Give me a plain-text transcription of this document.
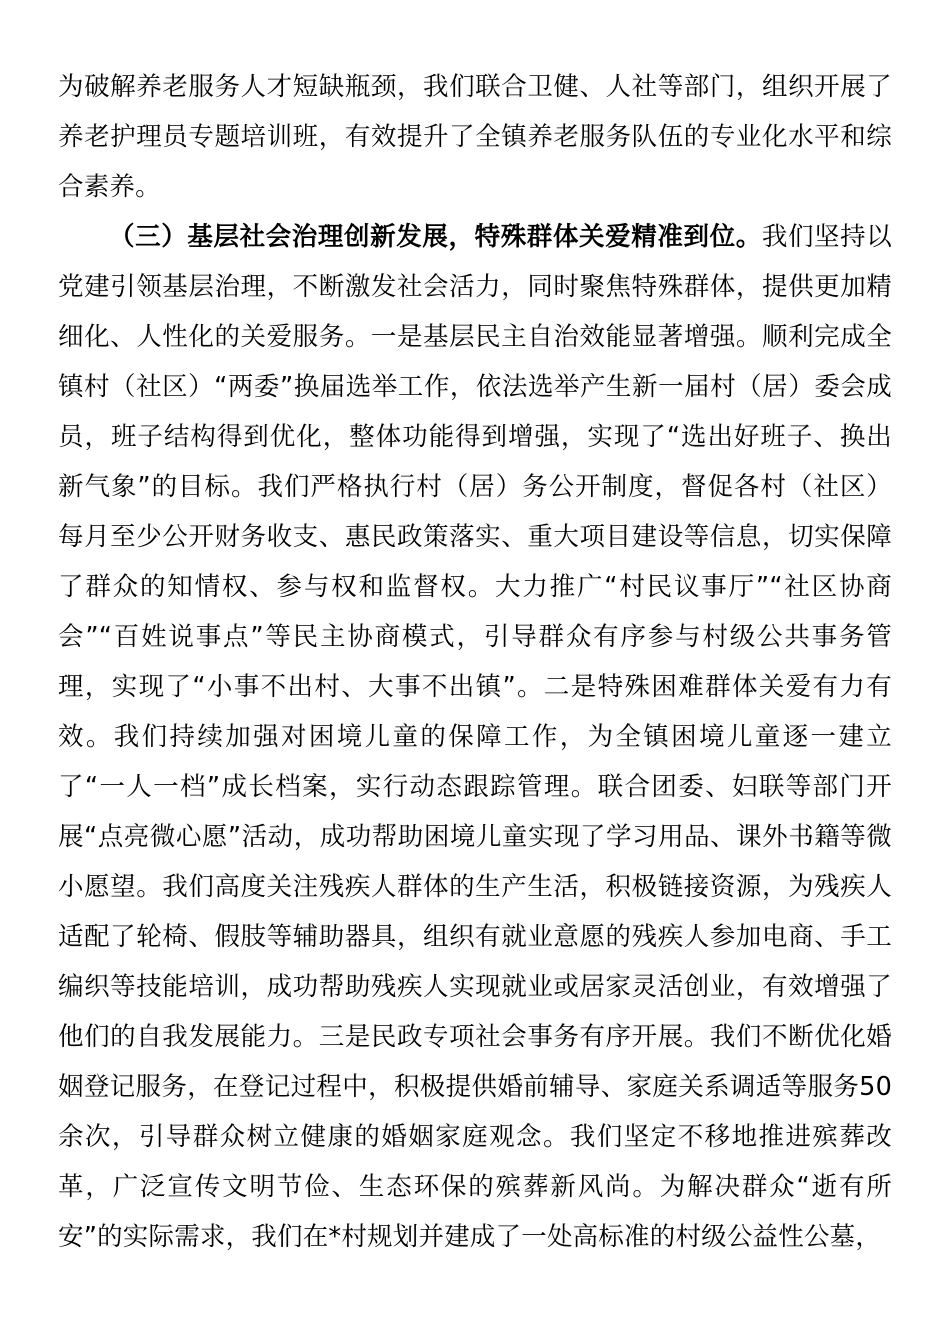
为破解养老服务人才短缺瓶颈，我们联合卫健、人社等部门，组织开展了养老护理员专题培训班，有效提升了全镇养老服务队伍的专业化水平和综合素养。

（三）基层社会治理创新发展，特殊群体关爱精准到位。我们坚持以党建引领基层治理，不断激发社会活力，同时聚焦特殊群体，提供更加精细化、人性化的关爱服务。一是基层民主自治效能显著增强。顺利完成全镇村（社区）“两委”换届选举工作，依法选举产生新一届村（居）委会成员，班子结构得到优化，整体功能得到增强，实现了“选出好班子、换出新气象”的目标。我们严格执行村（居）务公开制度，督促各村（社区）每月至少公开财务收支、惠民政策落实、重大项目建设等信息，切实保障了群众的知情权、参与权和监督权。大力推广“村民议事厅”“社区协商会”“百姓说事点”等民主协商模式，引导群众有序参与村级公共事务管理，实现了“小事不出村、大事不出镇”。二是特殊困难群体关爱有力有效。我们持续加强对困境儿童的保障工作，为全镇困境儿童逐一建立了“一人一档”成长档案，实行动态跟踪管理。联合团委、妇联等部门开展“点亮微心愿”活动，成功帮助困境儿童实现了学习用品、课外书籍等微小愿望。我们高度关注残疾人群体的生产生活，积极链接资源，为残疾人适配了轮椅、假肢等辅助器具，组织有就业意愿的残疾人参加电商、手工编织等技能培训，成功帮助残疾人实现就业或居家灵活创业，有效增强了他们的自我发展能力。三是民政专项社会事务有序开展。我们不断优化婚姻登记服务，在登记过程中，积极提供婚前辅导、家庭关系调适等服务50余次，引导群众树立健康的婚姻家庭观念。我们坚定不移地推进殡葬改革，广泛宣传文明节俭、生态环保的殡葬新风尚。为解决群众“逝有所安”的实际需求，我们在*村规划并建成了一处高标准的村级公益性公墓，
